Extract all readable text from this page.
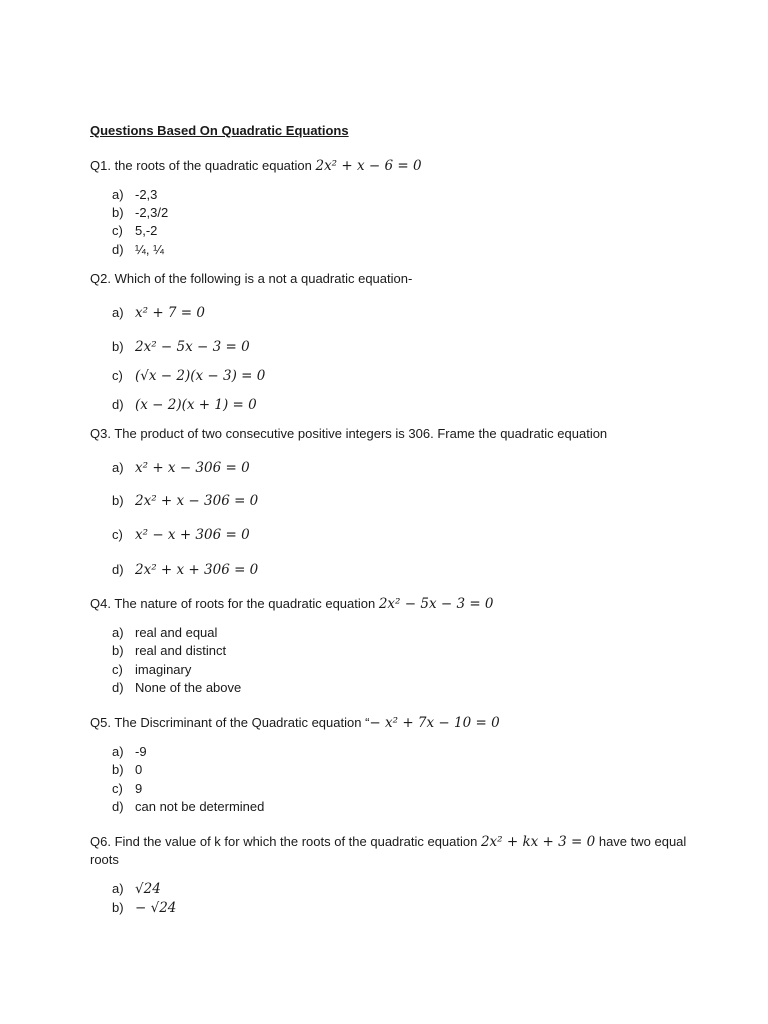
Questions Based On Quadratic Equations
Q1. the roots of the quadratic equation 2x² + x − 6 = 0
a) -2,3
b) -2,3/2
c) 5,-2
d) ¼, ¼
Q2. Which of the following is a not a quadratic equation-
a) x² + 7 = 0
b) 2x² − 5x − 3 = 0
c) (√x − 2)(x − 3) = 0
d) (x − 2)(x + 1) = 0
Q3. The product of two consecutive positive integers is 306. Frame the quadratic equation
a) x² + x − 306 = 0
b) 2x² + x − 306 = 0
c) x² − x + 306 = 0
d) 2x² + x + 306 = 0
Q4. The nature of roots for the quadratic equation 2x² − 5x − 3 = 0
a) real and equal
b) real and distinct
c) imaginary
d) None of the above
Q5. The Discriminant of the Quadratic equation “− x² + 7x − 10 = 0
a) -9
b) 0
c) 9
d) can not be determined
Q6. Find the value of k for which the roots of the quadratic equation 2x² + kx + 3 = 0 have two equal
roots
a) √24
b) − √24
